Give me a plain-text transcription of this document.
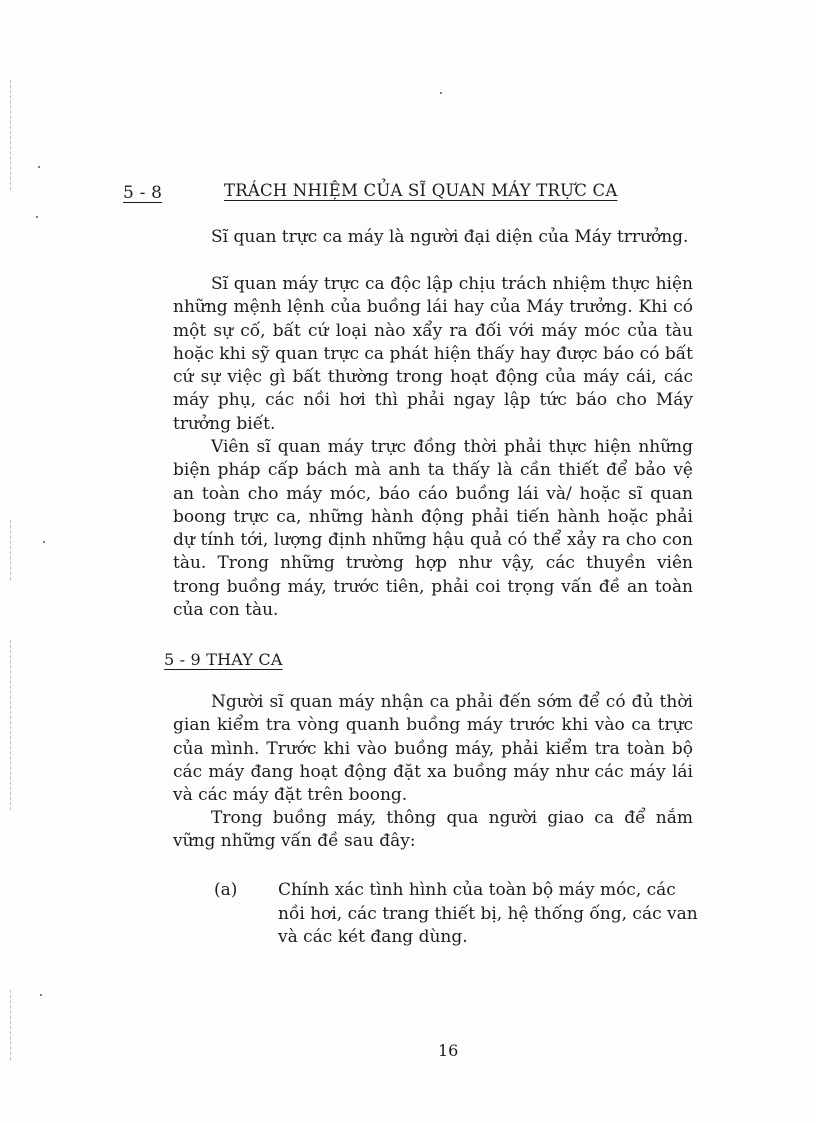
5 - 8	TRÁCH NHIỆM CỦA SĨ QUAN MÁY TRỰC CA

Sĩ quan trực ca máy là người đại diện của Máy trrưởng.

Sĩ quan máy trực ca độc lập chịu trách nhiệm thực hiện những mệnh lệnh của buồng lái hay của Máy trưởng. Khi có một sự cố, bất cứ loại nào xẩy ra đối với máy móc của tàu hoặc khi sỹ quan trực ca phát hiện thấy hay được báo có bất cứ sự việc gì bất thường trong hoạt động của máy cái, các máy phụ, các nồi hơi thì phải ngay lập tức báo cho Máy trưởng biết.

Viên sĩ quan máy trực đồng thời phải thực hiện những biện pháp cấp bách mà anh ta thấy là cần thiết để bảo vệ an toàn cho máy móc, báo cáo buồng lái và/ hoặc sĩ quan boong trực ca, những hành động phải tiến hành hoặc phải dự tính tới, lượng định những hậu quả có thể xảy ra cho con tàu. Trong những trường hợp như vậy, các thuyền viên trong buồng máy, trước tiên, phải coi trọng vấn đề an toàn của con tàu.

5 - 9 THAY CA

Người sĩ quan máy nhận ca phải đến sớm để có đủ thời gian kiểm tra vòng quanh buồng máy trước khi vào ca trực của mình. Trước khi vào buồng máy, phải kiểm tra toàn bộ các máy đang hoạt động đặt xa buồng máy như các máy lái và các máy đặt trên boong.

Trong buồng máy, thông qua người giao ca để nắm vững những vấn đề sau đây:

(a) Chính xác tình hình của toàn bộ máy móc, các nồi hơi, các trang thiết bị, hệ thống ống, các van và các két đang dùng.
16
